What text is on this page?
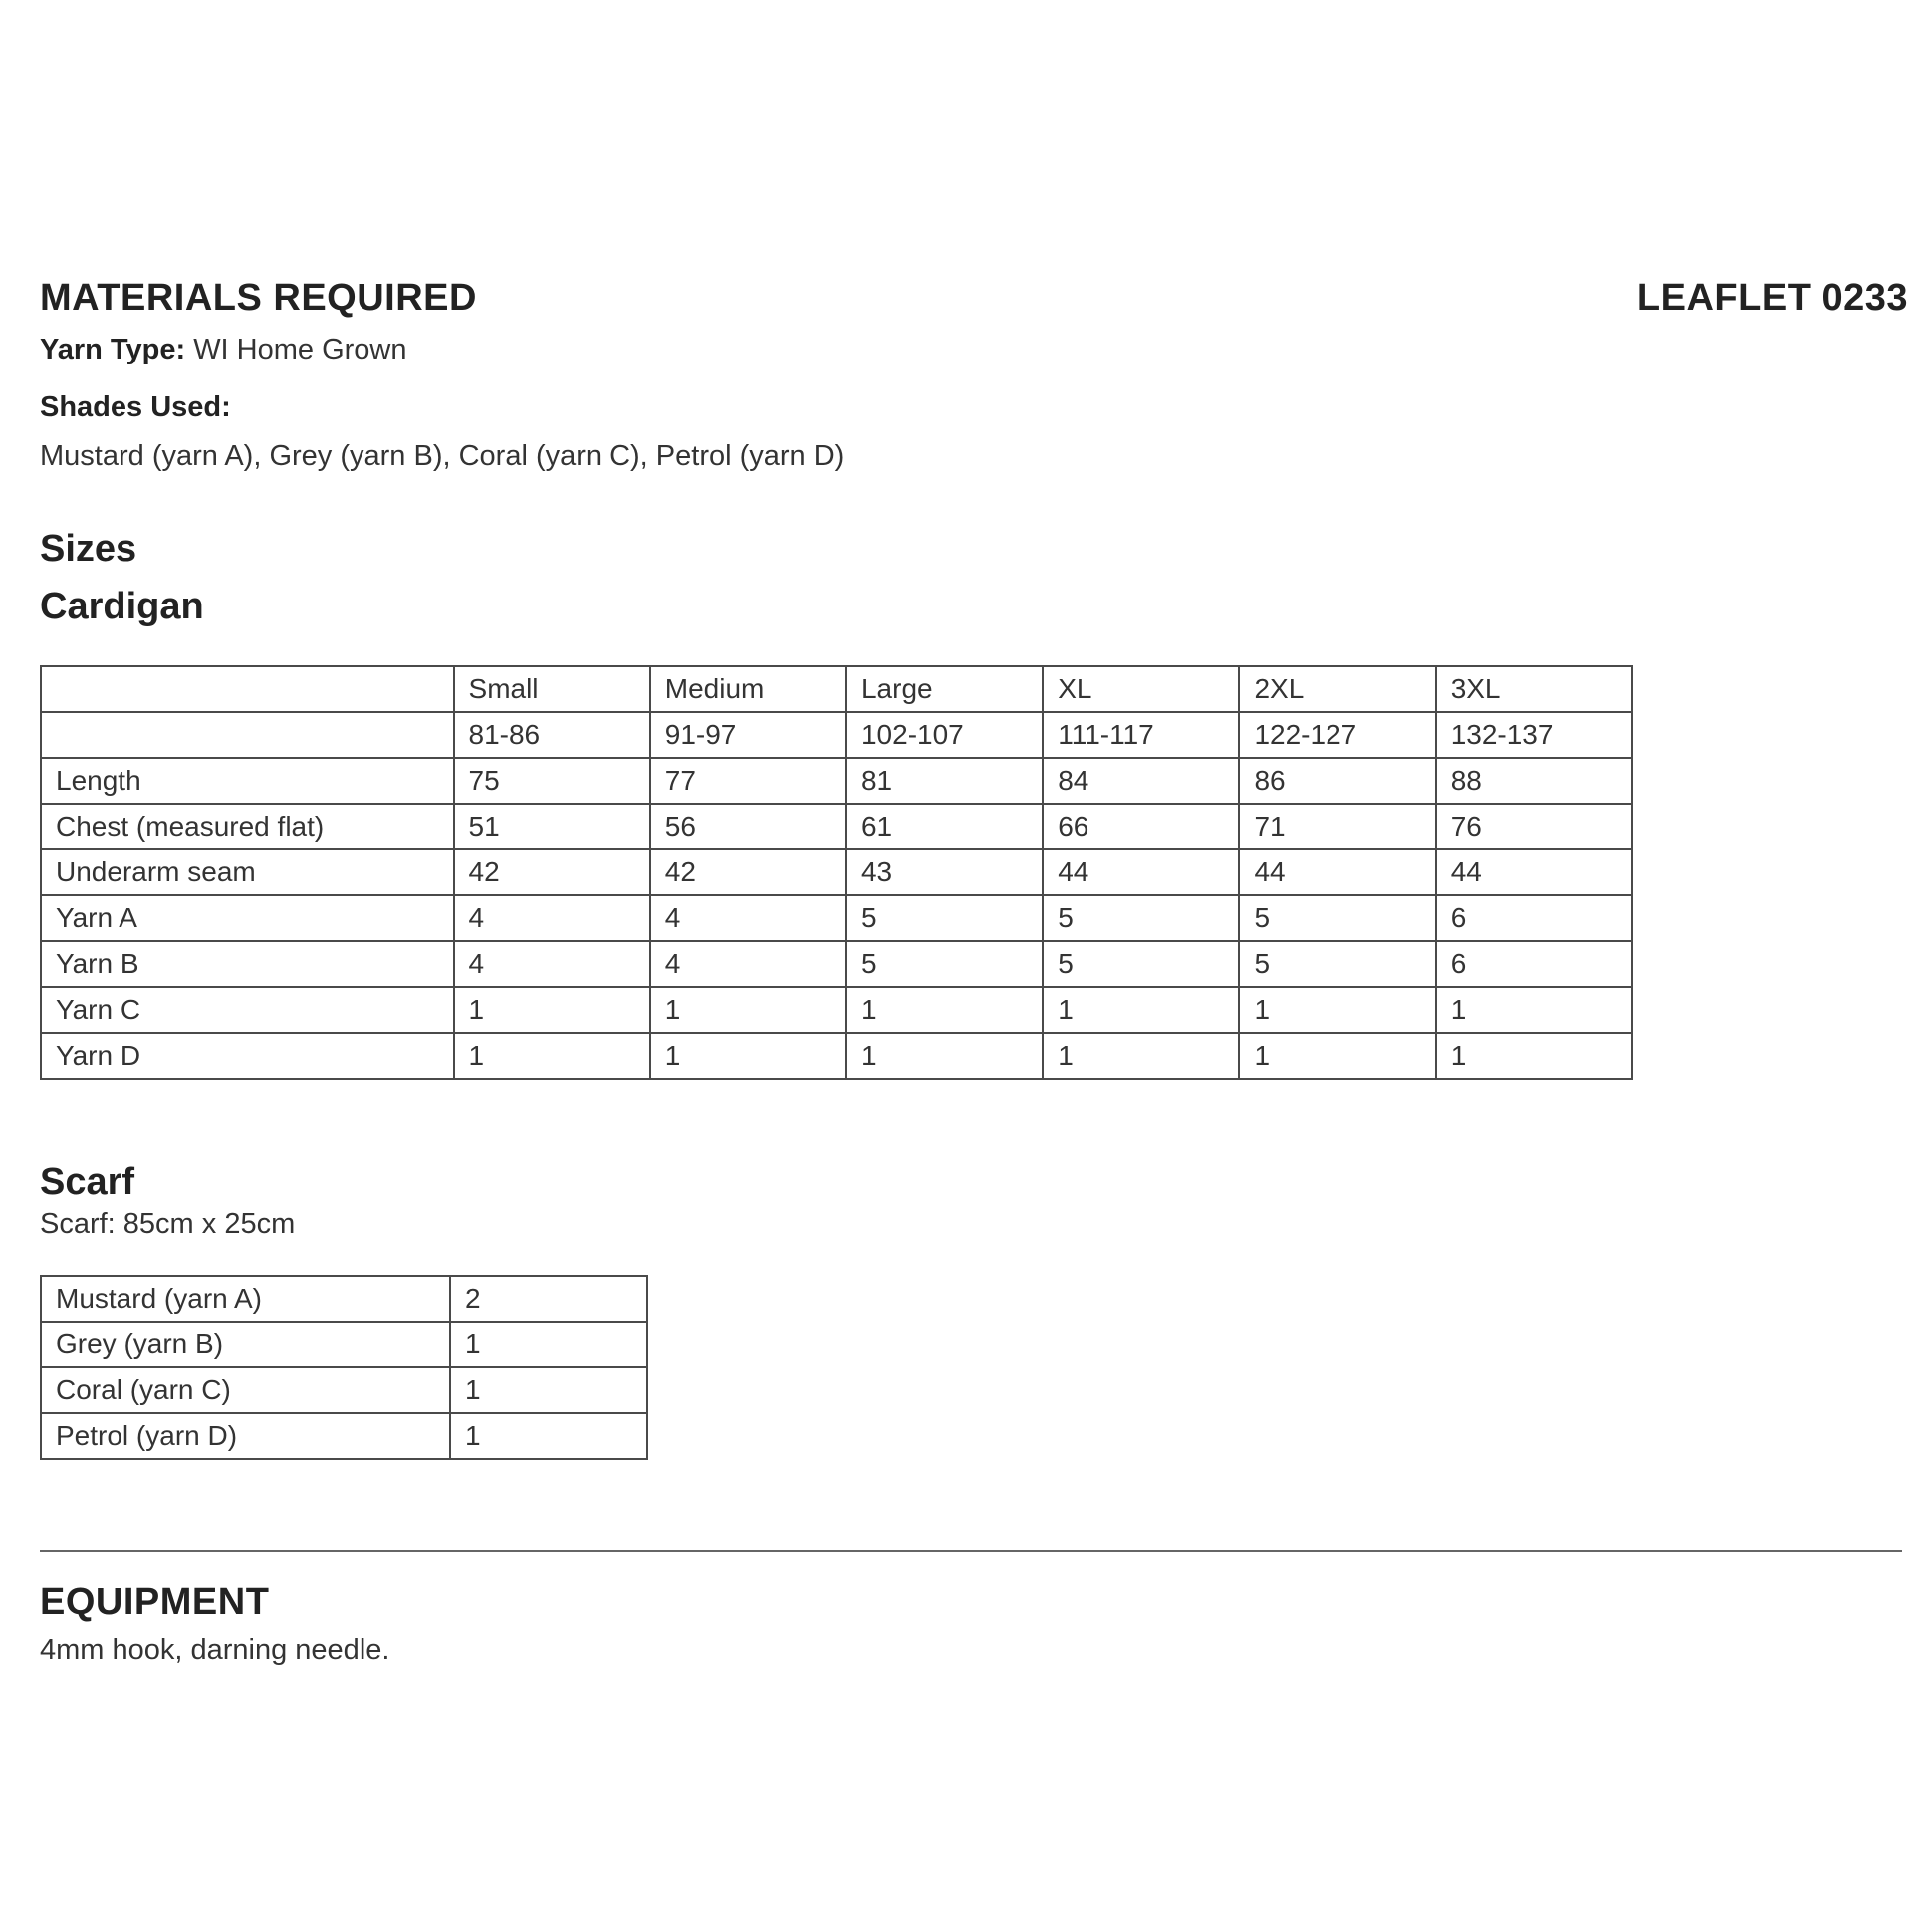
MATERIALS REQUIRED	LEAFLET 0233
Yarn Type: WI Home Grown
Shades Used:
Mustard (yarn A), Grey (yarn B), Coral (yarn C), Petrol (yarn D)
Sizes
Cardigan
	Small	Medium	Large	XL	2XL	3XL
	81-86	91-97	102-107	111-117	122-127	132-137
Length	75	77	81	84	86	88
Chest (measured flat)	51	56	61	66	71	76
Underarm seam	42	42	43	44	44	44
Yarn A	4	4	5	5	5	6
Yarn B	4	4	5	5	5	6
Yarn C	1	1	1	1	1	1
Yarn D	1	1	1	1	1	1
Scarf
Scarf: 85cm x 25cm
Mustard (yarn A)	2
Grey (yarn B)	1
Coral (yarn C)	1
Petrol (yarn D)	1
EQUIPMENT
4mm hook, darning needle.
